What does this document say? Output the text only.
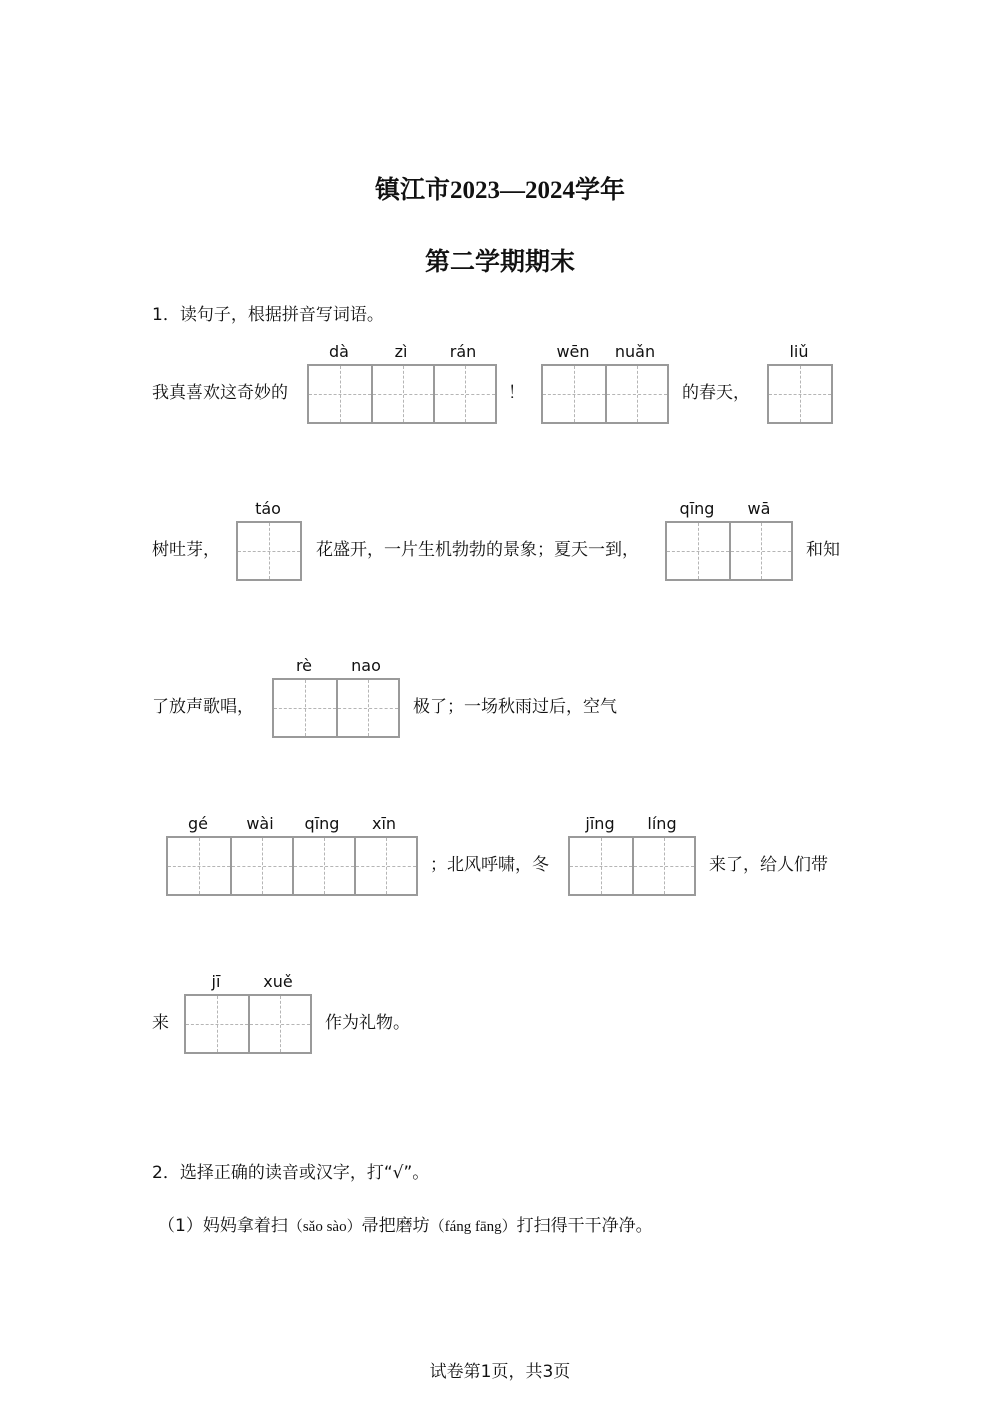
镇江市2023—2024学年
第二学期期末
1．读句子，根据拼音写词语。
我真喜欢这奇妙的
dà	zì	rán
！
wēn	nuǎn
的春天，
liǔ
树吐芽，
táo
花盛开，一片生机勃勃的景象；夏天一到，
qīng	wā
和知
了放声歌唱，
rè	nao
极了；一场秋雨过后，空气
gé	wài	qīng	xīn
；北风呼啸，冬
jīng	líng
来了，给人们带
来
jī	xuě
作为礼物。
2．选择正确的读音或汉字，打“√”。
（1）妈妈拿着扫（sǎo sào）帚把磨坊（fáng fāng）打扫得干干净净。
试卷第1页，共3页
